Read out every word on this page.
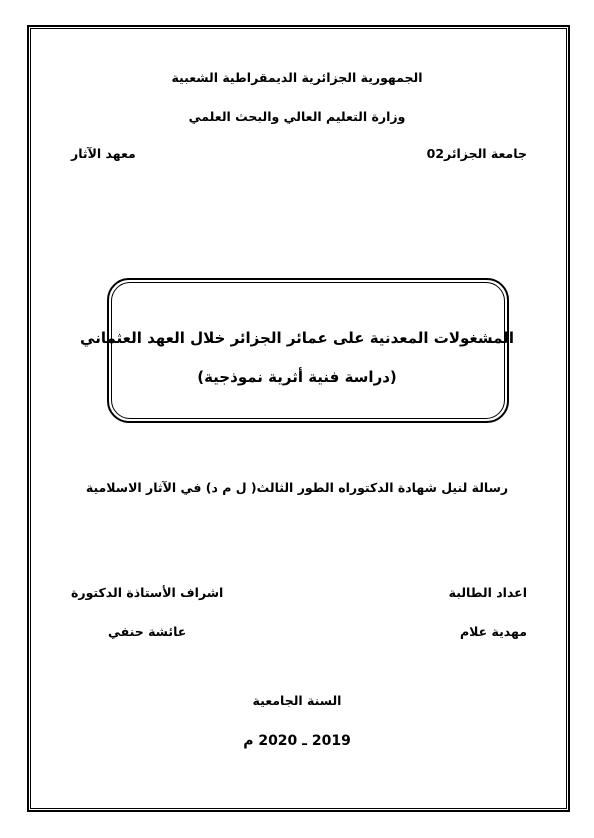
الجمهورية الجزائرية الديمقراطية الشعبية
وزارة التعليم العالي والبحث العلمي
جامعة الجزائر02
معهد الآثار
المشغولات المعدنية على عمائر الجزائر خلال العهد العثماني
(دراسة فنية أثرية نموذجية)
رسالة لنيل شهادة الدكتوراه الطور الثالث( ل م د) في الآثار الاسلامية
اعداد الطالبة
اشراف الأستاذة الدكتورة
مهدية علام
عائشة حنفي
السنة الجامعية
2019 ـ 2020 م
